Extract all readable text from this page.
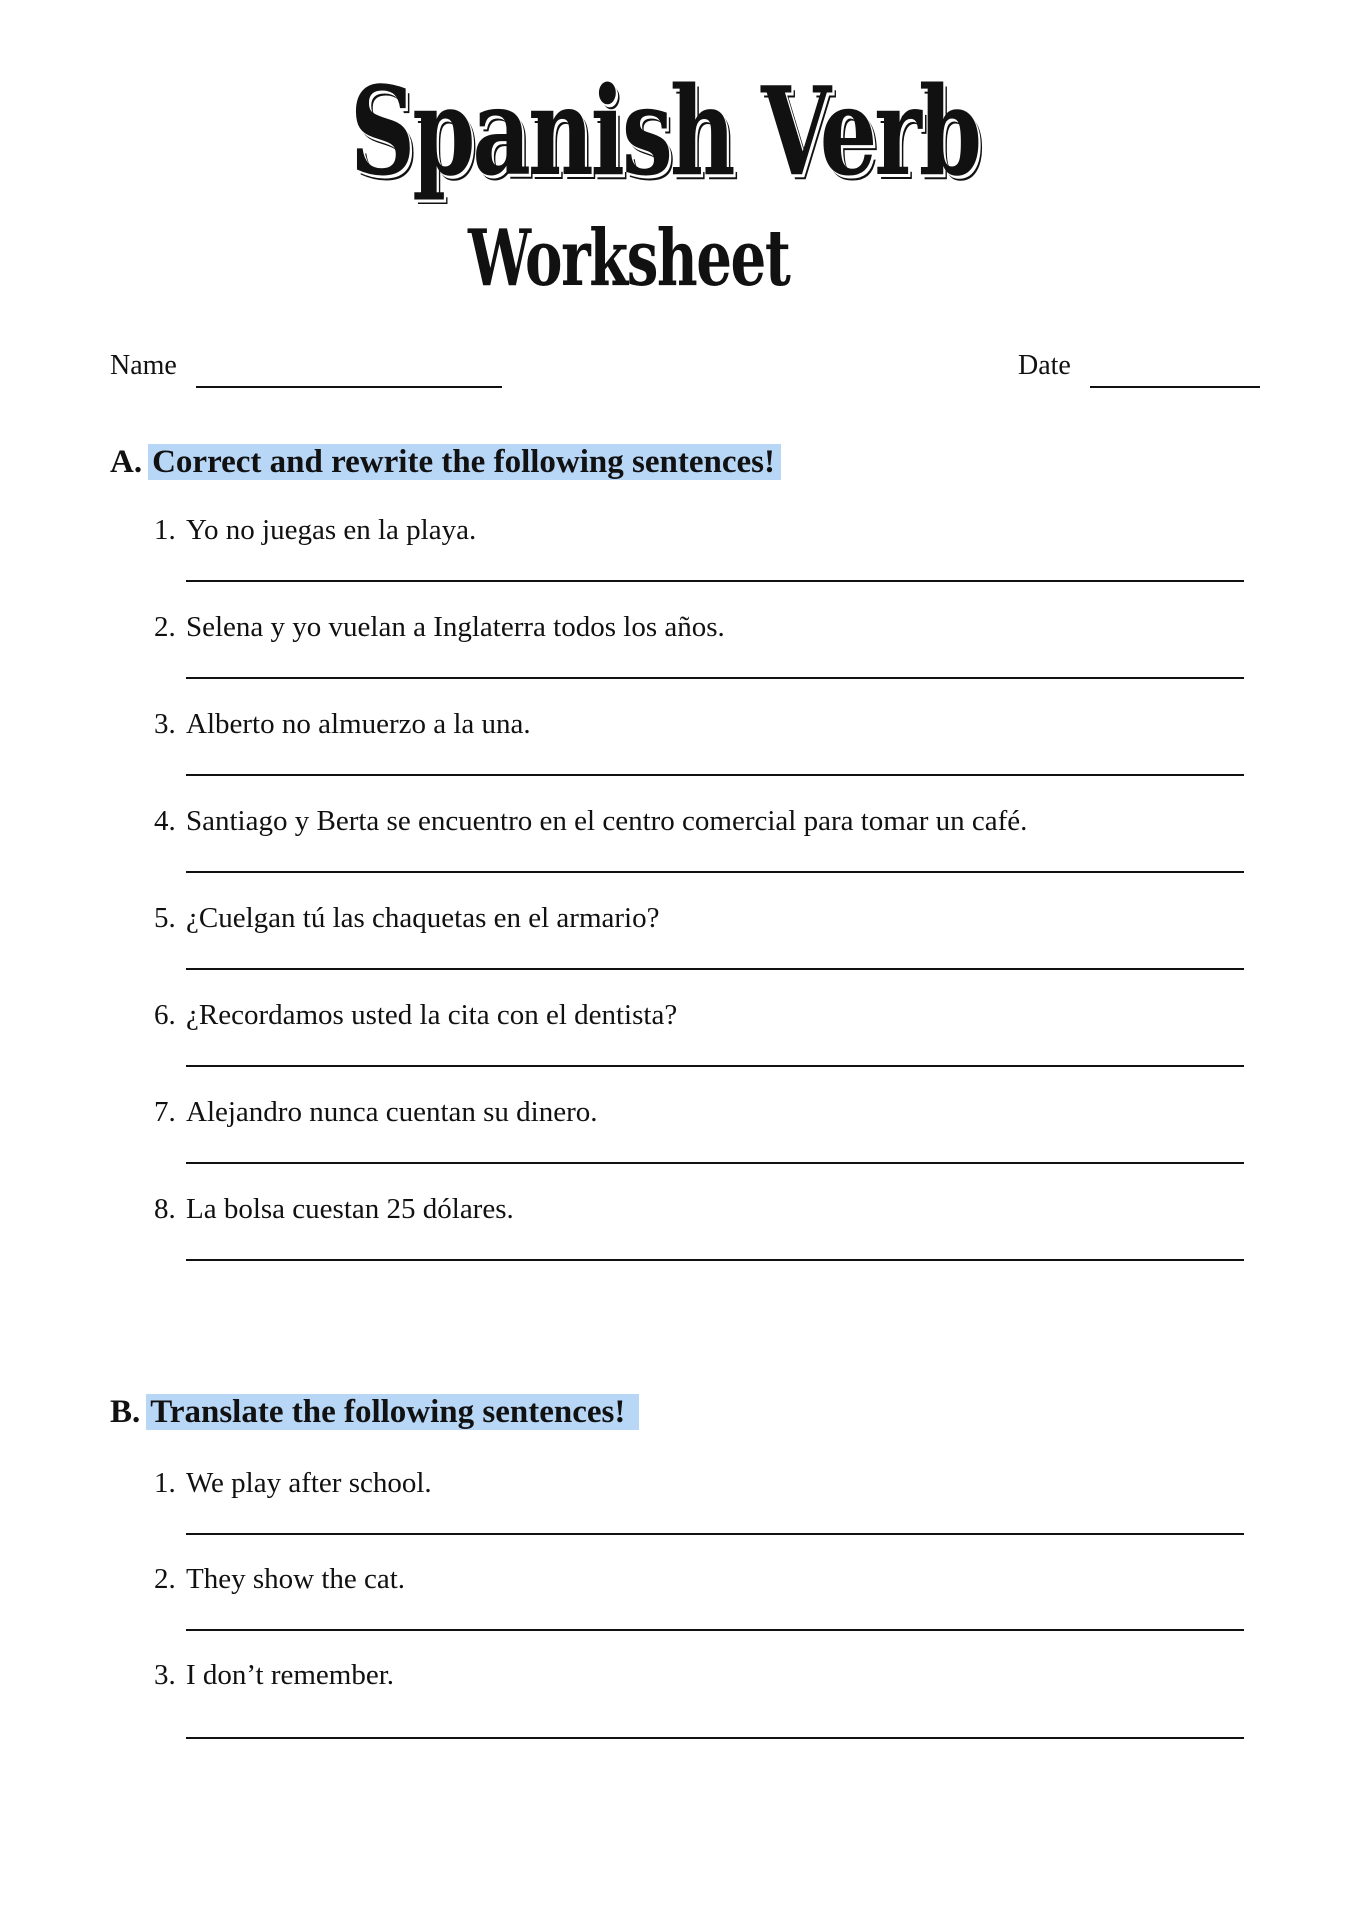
Spanish Verb
Worksheet
Name	Date
A. Correct and rewrite the following sentences!
1. Yo no juegas en la playa.
2. Selena y yo vuelan a Inglaterra todos los años.
3. Alberto no almuerzo a la una.
4. Santiago y Berta se encuentro en el centro comercial para tomar un café.
5. ¿Cuelgan tú las chaquetas en el armario?
6. ¿Recordamos usted la cita con el dentista?
7. Alejandro nunca cuentan su dinero.
8. La bolsa cuestan 25 dólares.
B. Translate the following sentences!
1. We play after school.
2. They show the cat.
3. I don’t remember.
